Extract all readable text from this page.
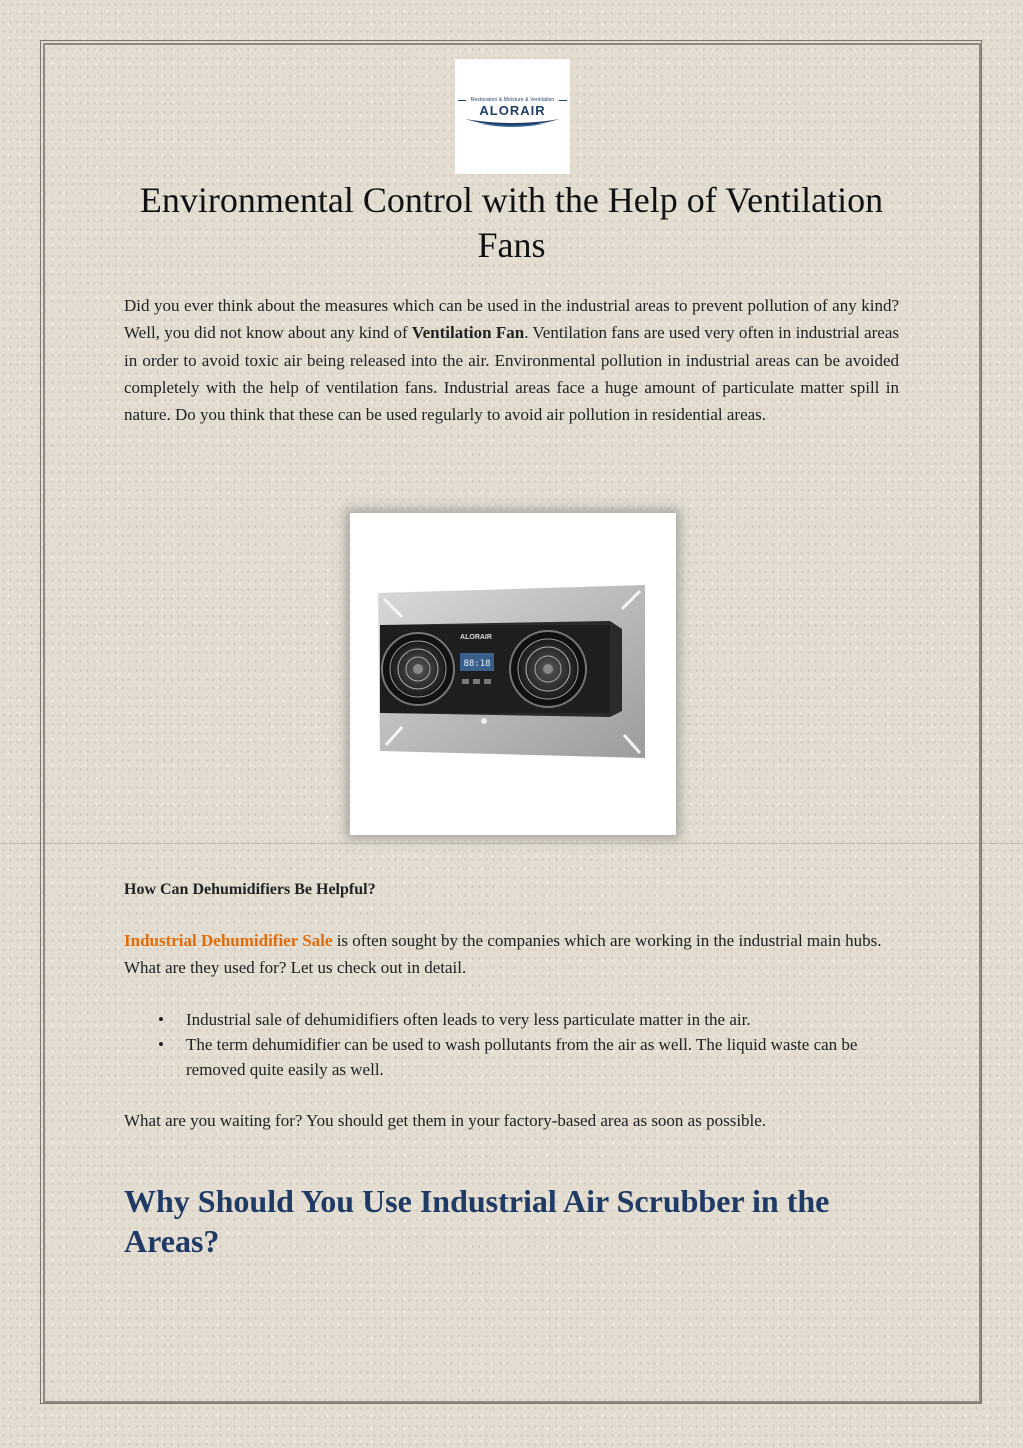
Restoration & Moisture & Ventilation
ALORAIR
Environmental Control with the Help of Ventilation Fans

Did you ever think about the measures which can be used in the industrial areas to prevent pollution of any kind? Well, you did not know about any kind of Ventilation Fan. Ventilation fans are used very often in industrial areas in order to avoid toxic air being released into the air. Environmental pollution in industrial areas can be avoided completely with the help of ventilation fans. Industrial areas face a huge amount of particulate matter spill in nature. Do you think that these can be used regularly to avoid air pollution in residential areas.

ALORAIR
88:18
How Can Dehumidifiers Be Helpful?

Industrial Dehumidifier Sale is often sought by the companies which are working in the industrial main hubs. What are they used for? Let us check out in detail.

• Industrial sale of dehumidifiers often leads to very less particulate matter in the air.
• The term dehumidifier can be used to wash pollutants from the air as well. The liquid waste can be removed quite easily as well.

What are you waiting for? You should get them in your factory-based area as soon as possible.

Why Should You Use Industrial Air Scrubber in the Areas?
